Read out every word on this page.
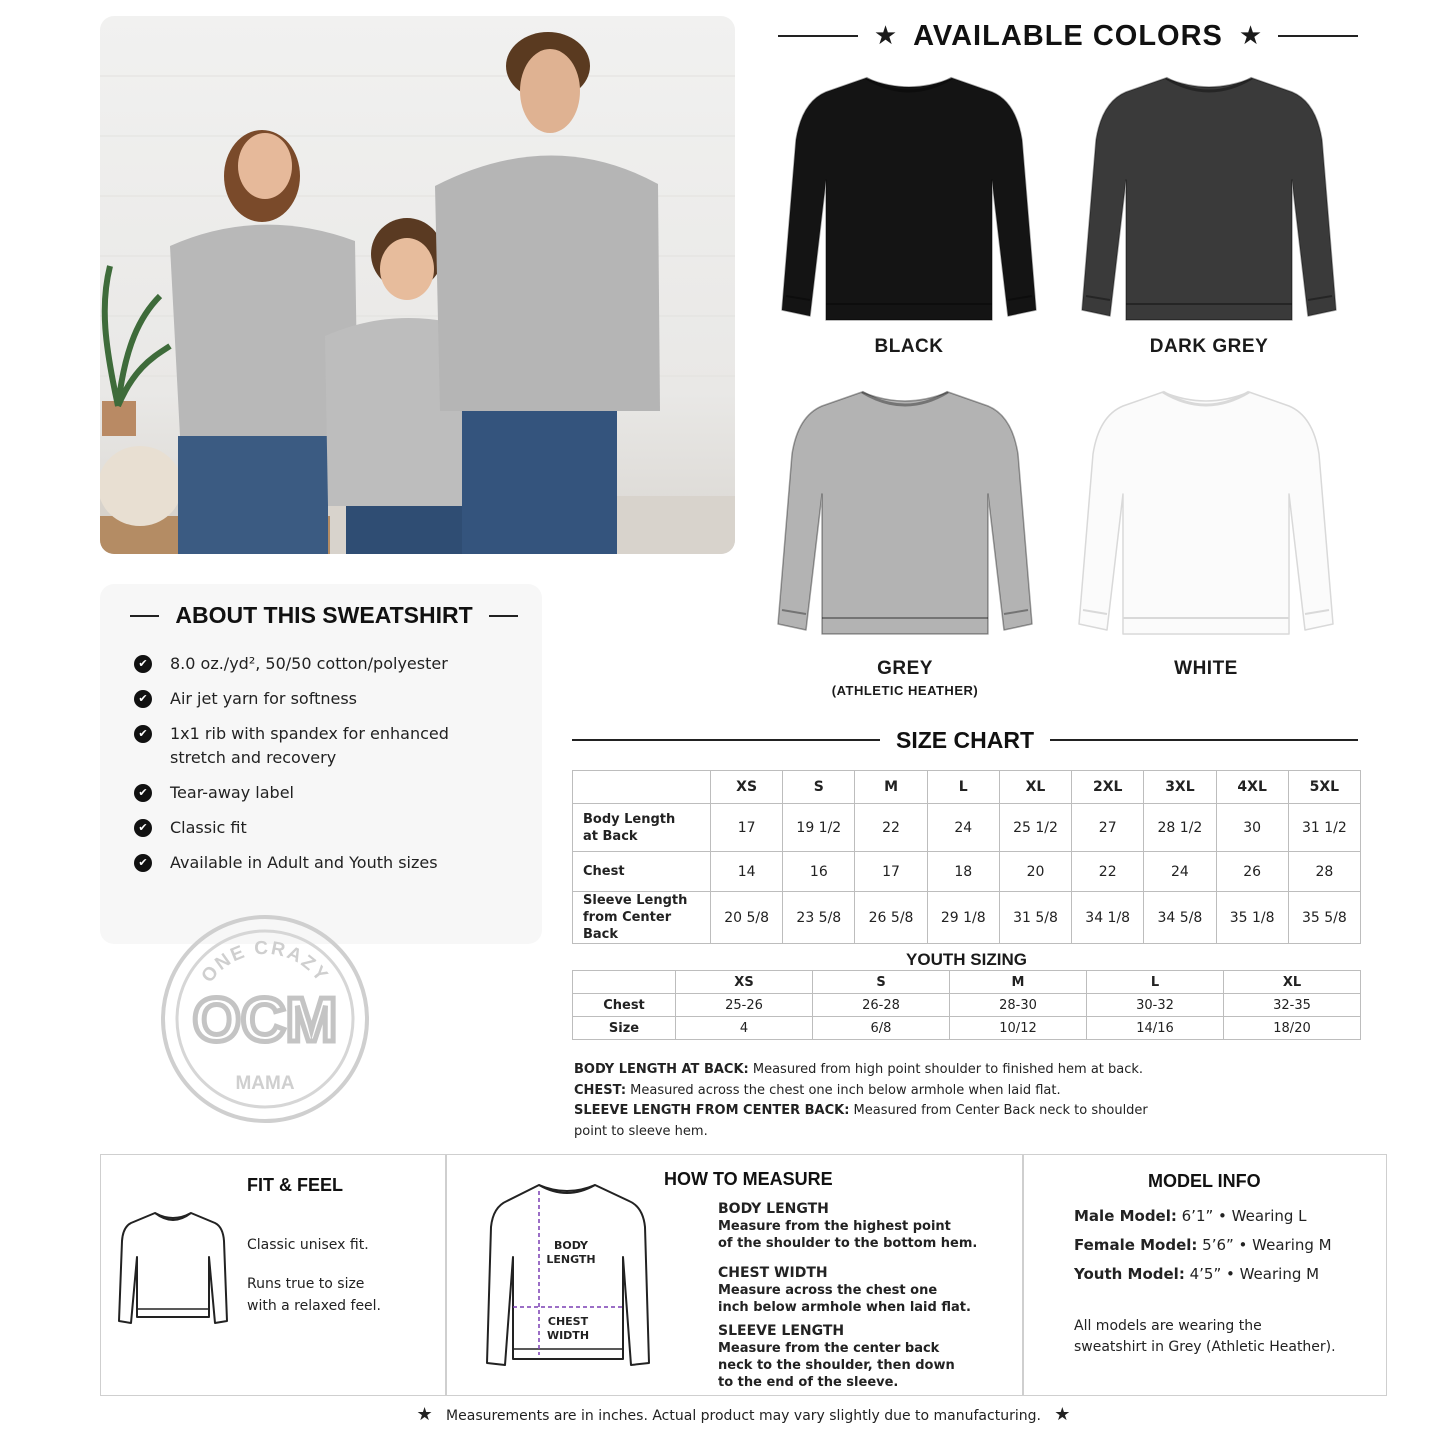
★ AVAILABLE COLORS ★
BLACK	DARK GREY
GREY
(ATHLETIC HEATHER)
WHITE
ABOUT THIS SWEATSHIRT
✔ 8.0 oz./yd², 50/50 cotton/polyester
✔ Air jet yarn for softness
✔ 1x1 rib with spandex for enhanced stretch and recovery
✔ Tear-away label
✔ Classic fit
✔ Available in Adult and Youth sizes
ONE CRAZY
OCM
MAMA
SIZE CHART
	XS	S	M	L	XL	2XL	3XL	4XL	5XL
Body Length
at Back	17	19 1/2	22	24	25 1/2	27	28 1/2	30	31 1/2
Chest	14	16	17	18	20	22	24	26	28
Sleeve Length
from Center Back	20 5/8	23 5/8	26 5/8	29 1/8	31 5/8	34 1/8	34 5/8	35 1/8	35 5/8
YOUTH SIZING
	XS	S	M	L	XL
Chest	25-26	26-28	28-30	30-32	32-35
Size	4	6/8	10/12	14/16	18/20
BODY LENGTH AT BACK: Measured from high point shoulder to finished hem at back.
CHEST: Measured across the chest one inch below armhole when laid flat.
SLEEVE LENGTH FROM CENTER BACK: Measured from Center Back neck to shoulder point to sleeve hem.
FIT & FEEL
Classic unisex fit.
Runs true to size
with a relaxed feel.
HOW TO MEASURE
BODY LENGTH
CHEST WIDTH
BODY LENGTH
Measure from the highest point
of the shoulder to the bottom hem.
CHEST WIDTH
Measure across the chest one
inch below armhole when laid flat.
SLEEVE LENGTH
Measure from the center back
neck to the shoulder, then down
to the end of the sleeve.
MODEL INFO
Male Model: 6’1” • Wearing L
Female Model: 5’6” • Wearing M
Youth Model: 4’5” • Wearing M
All models are wearing the
sweatshirt in Grey (Athletic Heather).
★ Measurements are in inches. Actual product may vary slightly due to manufacturing. ★
